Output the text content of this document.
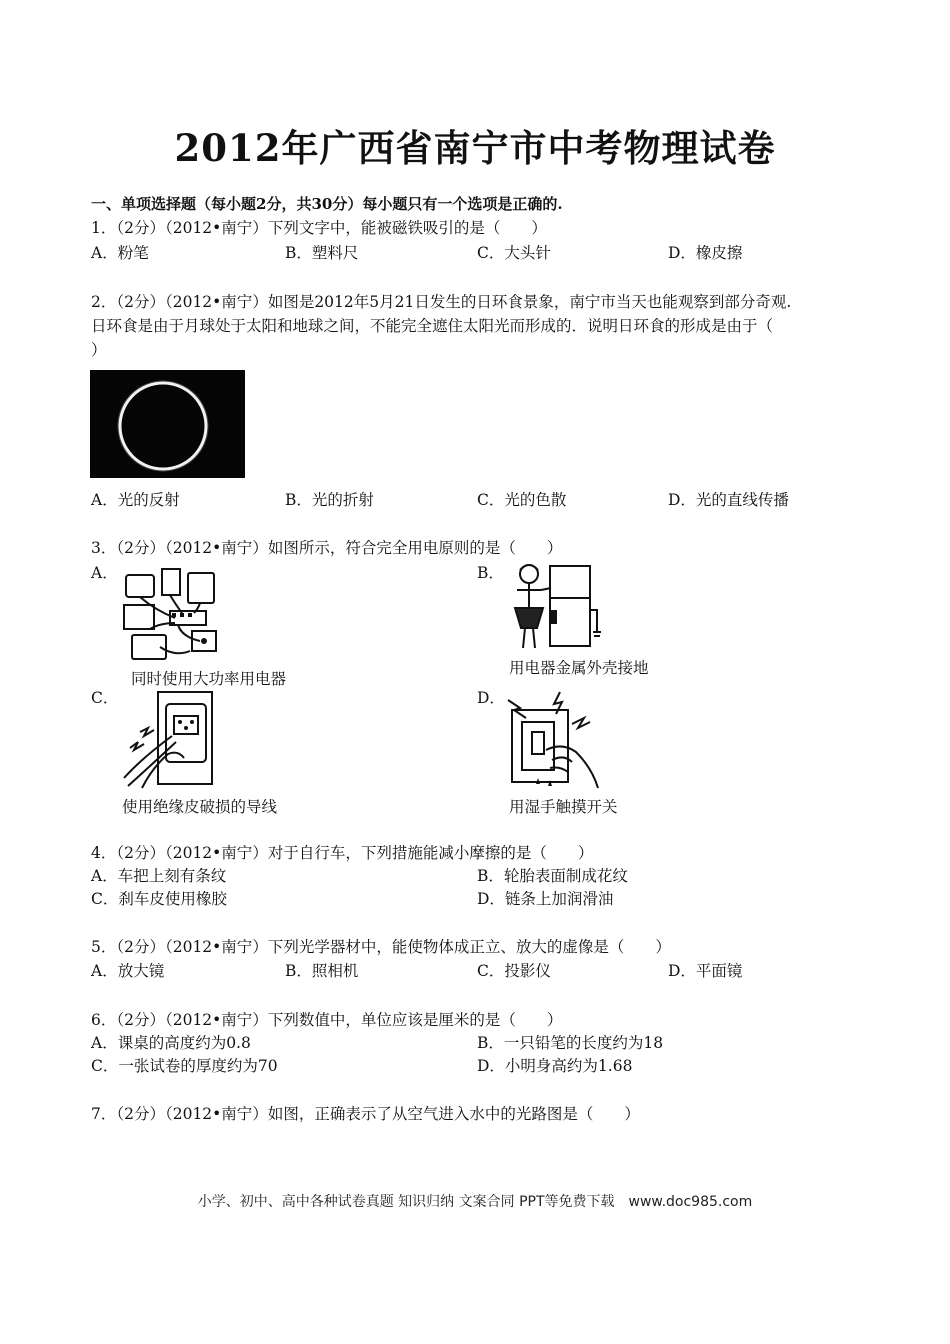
2012年广西省南宁市中考物理试卷

一、单项选择题（每小题2分，共30分）每小题只有一个选项是正确的.

1．（2分）（2012•南宁）下列文字中，能被磁铁吸引的是（　　）
A．粉笔	B．塑料尺	C．大头针	D．橡皮擦
2．（2分）（2012•南宁）如图是2012年5月21日发生的日环食景象，南宁市当天也能观察到部分奇观.
日环食是由于月球处于太阳和地球之间，不能完全遮住太阳光而形成的．说明日环食的形成是由于（
）
A．光的反射	B．光的折射	C．光的色散	D．光的直线传播
3．（2分）（2012•南宁）如图所示，符合完全用电原则的是（　　）
A．
同时使用大功率用电器
B．
用电器金属外壳接地
C．
使用绝缘皮破损的导线
D．
用湿手触摸开关
4．（2分）（2012•南宁）对于自行车，下列措施能减小摩擦的是（　　）
A．车把上刻有条纹	B．轮胎表面制成花纹
C．刹车皮使用橡胶	D．链条上加润滑油
5．（2分）（2012•南宁）下列光学器材中，能使物体成正立、放大的虚像是（　　）
A．放大镜	B．照相机	C．投影仪	D．平面镜
6．（2分）（2012•南宁）下列数值中，单位应该是厘米的是（　　）
A．课桌的高度约为0.8	B．一只铅笔的长度约为18
C．一张试卷的厚度约为70	D．小明身高约为1.68
7．（2分）（2012•南宁）如图，正确表示了从空气进入水中的光路图是（　　）
小学、初中、高中各种试卷真题 知识归纳 文案合同 PPT等免费下载　www.doc985.com
